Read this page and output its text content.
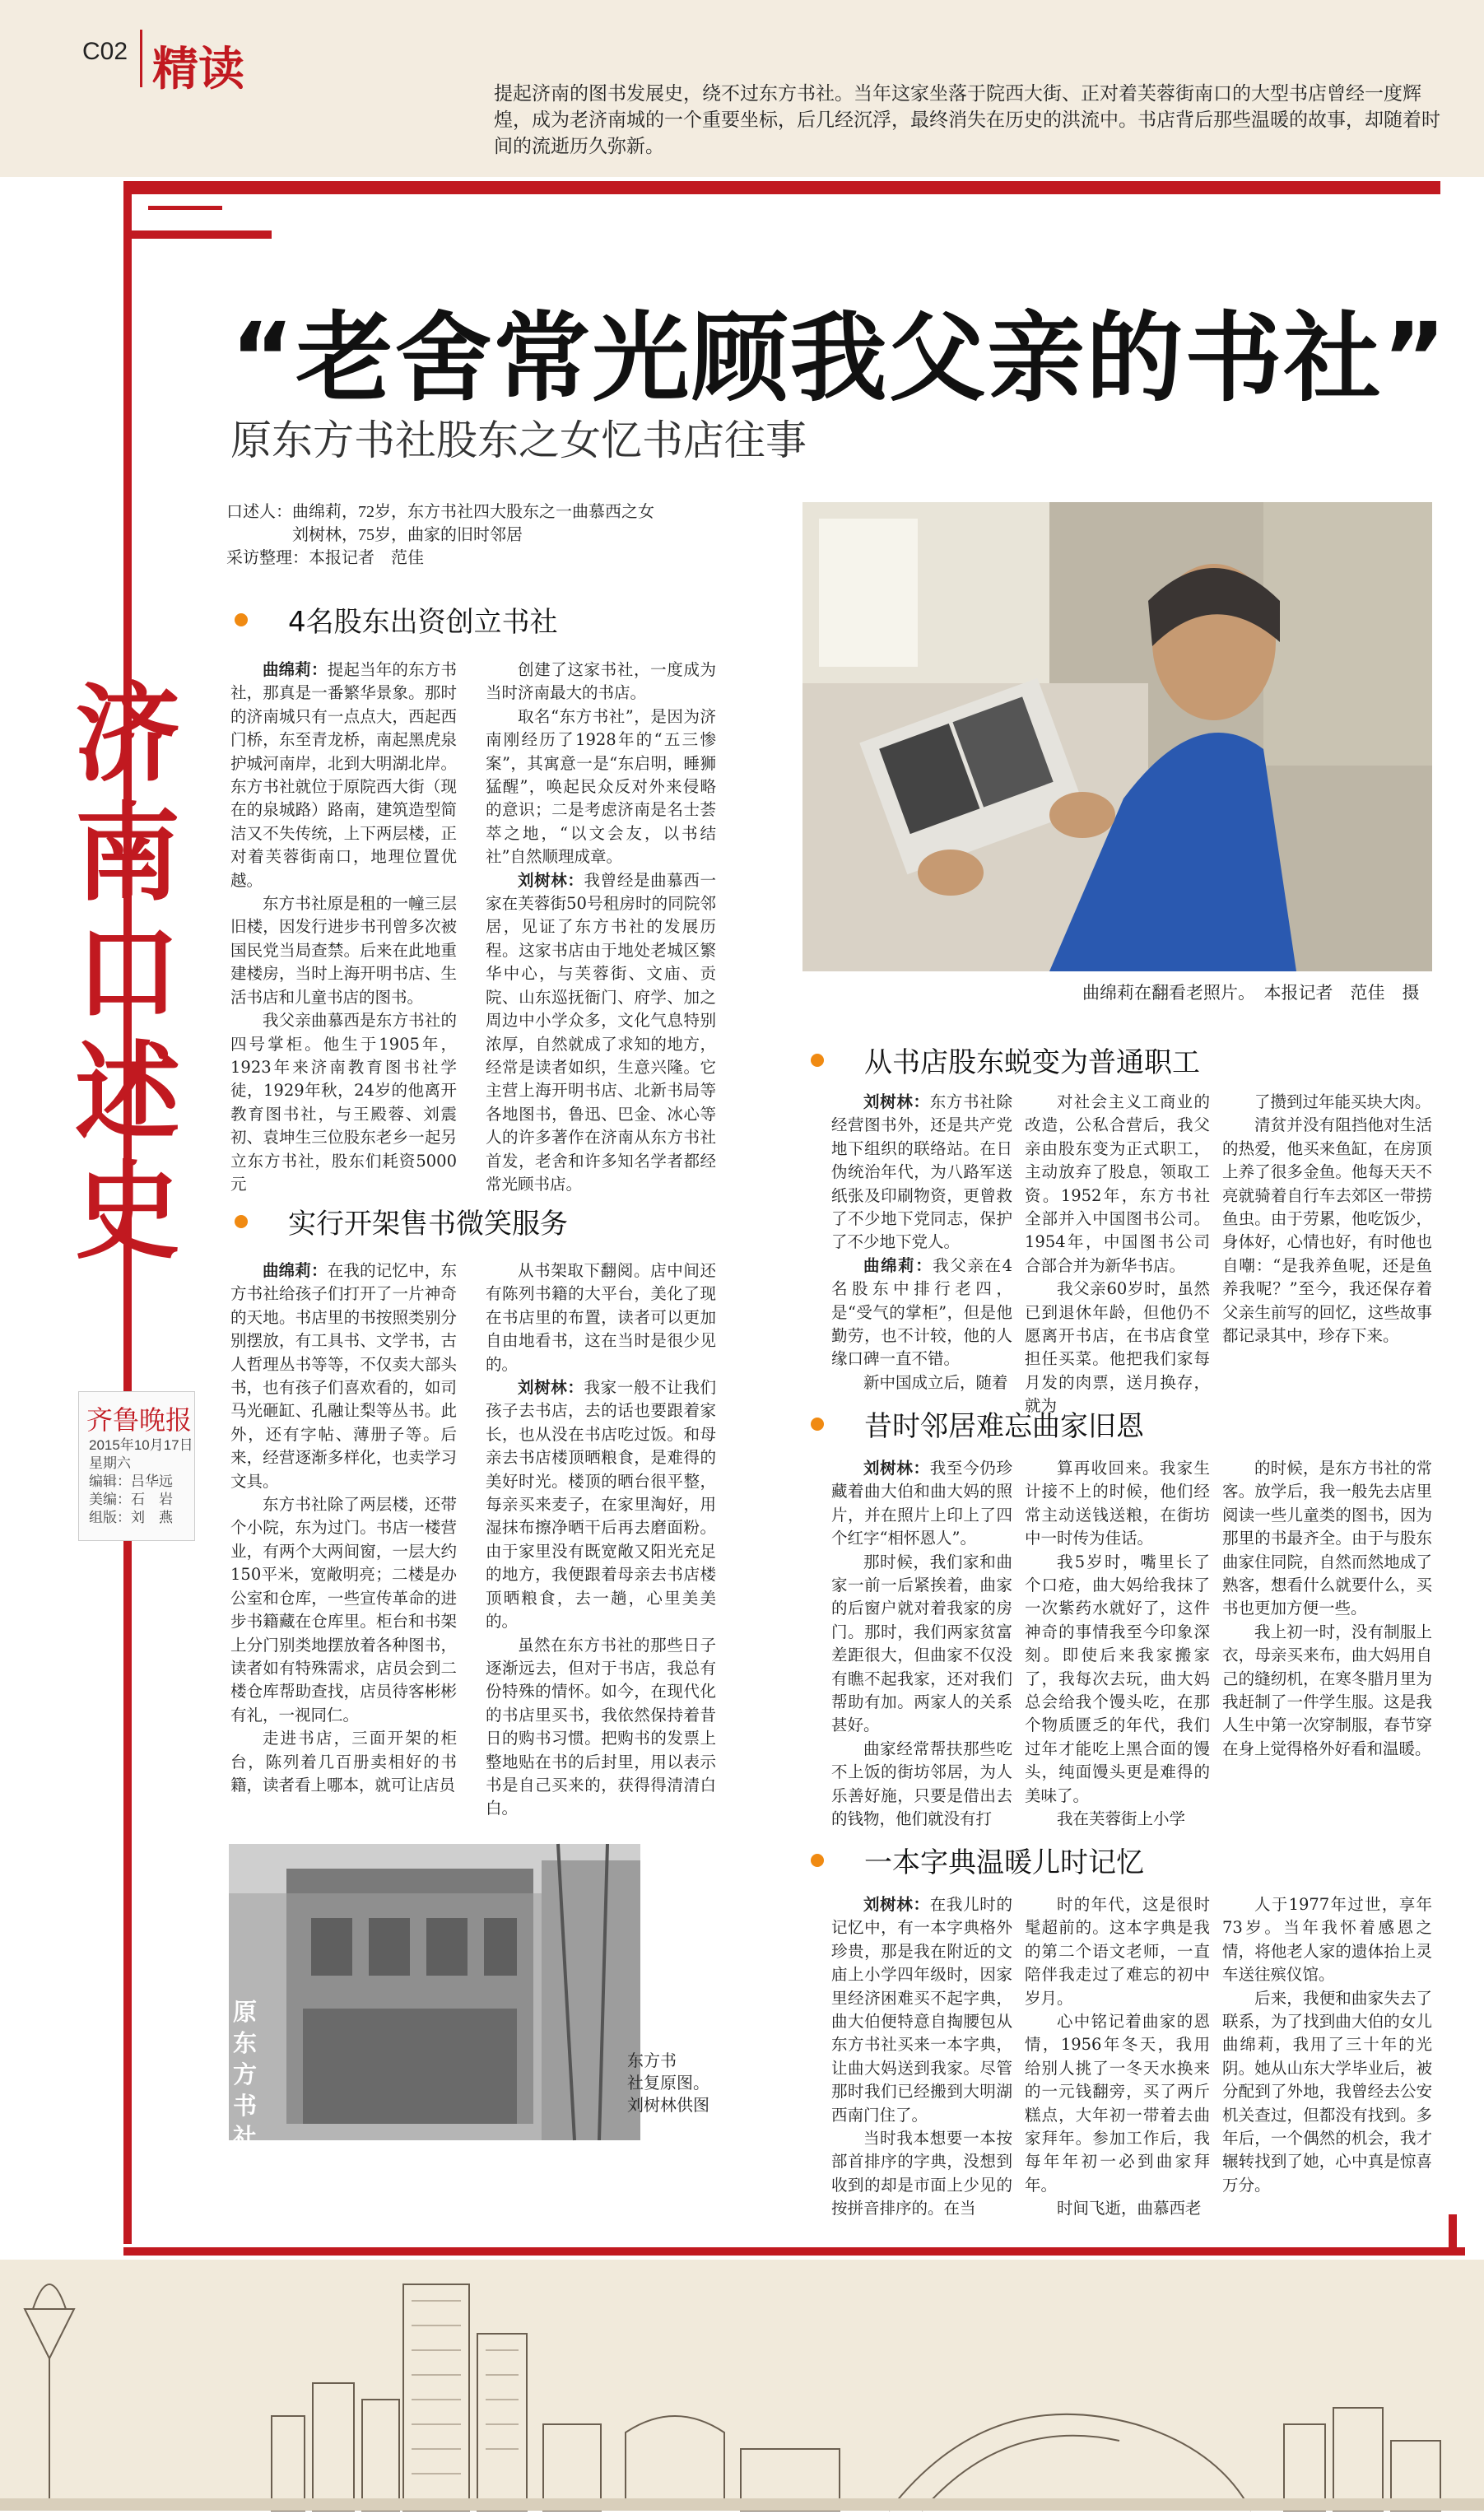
C02 精读	提起济南的图书发展史，绕不过东方书社。当年这家坐落于院西大街、正对着芙蓉街南口的大型书店曾经一度辉煌，成为老济南城的一个重要坐标，后几经沉浮，最终消失在历史的洪流中。书店背后那些温暖的故事，却随着时间的流逝历久弥新。
“老舍常光顾我父亲的书社”
原东方书社股东之女忆书店往事
口述人：曲绵莉，72岁，东方书社四大股东之一曲慕西之女
　　　　刘树林，75岁，曲家的旧时邻居
采访整理：本报记者　范佳
济南口述史
齐鲁晚报
2015年10月17日
星期六
编辑：吕华远
美编：石　岩
组版：刘　燕
曲绵莉在翻看老照片。　本报记者　范佳　摄
4名股东出资创立书社

曲绵莉：提起当年的东方书社，那真是一番繁华景象。那时的济南城只有一点点大，西起西门桥，东至青龙桥，南起黑虎泉护城河南岸，北到大明湖北岸。东方书社就位于原院西大街（现在的泉城路）路南，建筑造型简洁又不失传统，上下两层楼，正对着芙蓉街南口，地理位置优越。

东方书社原是租的一幢三层旧楼，因发行进步书刊曾多次被国民党当局查禁。后来在此地重建楼房，当时上海开明书店、生活书店和儿童书店的图书。

我父亲曲慕西是东方书社的四号掌柜。他生于1905年，1923年来济南教育图书社学徒，1929年秋，24岁的他离开教育图书社，与王殿蓉、刘震初、袁坤生三位股东老乡一起另立东方书社，股东们耗资5000元

创建了这家书社，一度成为当时济南最大的书店。

取名“东方书社”，是因为济南刚经历了1928年的“五三惨案”，其寓意一是“东启明，睡狮猛醒”，唤起民众反对外来侵略的意识；二是考虑济南是名士荟萃之地，“以文会友，以书结社”自然顺理成章。

刘树林：我曾经是曲慕西一家在芙蓉街50号租房时的同院邻居，见证了东方书社的发展历程。这家书店由于地处老城区繁华中心，与芙蓉街、文庙、贡院、山东巡抚衙门、府学、加之周边中小学众多，文化气息特别浓厚，自然就成了求知的地方，经常是读者如织，生意兴隆。它主营上海开明书店、北新书局等各地图书，鲁迅、巴金、冰心等人的许多著作在济南从东方书社首发，老舍和许多知名学者都经常光顾书店。

实行开架售书微笑服务

曲绵莉：在我的记忆中，东方书社给孩子们打开了一片神奇的天地。书店里的书按照类别分别摆放，有工具书、文学书，古人哲理丛书等等，不仅卖大部头书，也有孩子们喜欢看的，如司马光砸缸、孔融让梨等丛书。此外，还有字帖、薄册子等。后来，经营逐渐多样化，也卖学习文具。

东方书社除了两层楼，还带个小院，东为过门。书店一楼营业，有两个大两间窗，一层大约150平米，宽敞明亮；二楼是办公室和仓库，一些宣传革命的进步书籍藏在仓库里。柜台和书架上分门别类地摆放着各种图书，读者如有特殊需求，店员会到二楼仓库帮助查找，店员待客彬彬有礼，一视同仁。

走进书店，三面开架的柜台，陈列着几百册卖相好的书籍，读者看上哪本，就可让店员

从书架取下翻阅。店中间还有陈列书籍的大平台，美化了现在书店里的布置，读者可以更加自由地看书，这在当时是很少见的。

刘树林：我家一般不让我们孩子去书店，去的话也要跟着家长，也从没在书店吃过饭。和母亲去书店楼顶晒粮食，是难得的美好时光。楼顶的晒台很平整，每亲买来麦子，在家里淘好，用湿抹布擦净晒干后再去磨面粉。由于家里没有既宽敞又阳光充足的地方，我便跟着母亲去书店楼顶晒粮食，去一趟，心里美美的。

虽然在东方书社的那些日子逐渐远去，但对于书店，我总有份特殊的情怀。如今，在现代化的书店里买书，我依然保持着昔日的购书习惯。把购书的发票上整地贴在书的后封里，用以表示书是自己买来的，获得得清清白白。

原东方书社
东方书
社复原图。
刘树林供图
从书店股东蜕变为普通职工

刘树林：东方书社除经营图书外，还是共产党地下组织的联络站。在日伪统治年代，为八路军送纸张及印刷物资，更曾救了不少地下党同志，保护了不少地下党人。

曲绵莉：我父亲在4名股东中排行老四，是“受气的掌柜”，但是他勤劳，也不计较，他的人缘口碑一直不错。

新中国成立后，随着

对社会主义工商业的改造，公私合营后，我父亲由股东变为正式职工，主动放弃了股息，领取工资。1952年，东方书社全部并入中国图书公司。1954年，中国图书公司合部合并为新华书店。

我父亲60岁时，虽然已到退休年龄，但他仍不愿离开书店，在书店食堂担任买菜。他把我们家每月发的肉票，送月换存，就为

了攒到过年能买块大肉。

清贫并没有阻挡他对生活的热爱，他买来鱼缸，在房顶上养了很多金鱼。他每天天不亮就骑着自行车去郊区一带捞鱼虫。由于劳累，他吃饭少，身体好，心情也好，有时他也自嘲：“是我养鱼呢，还是鱼养我呢？”至今，我还保存着父亲生前写的回忆，这些故事都记录其中，珍存下来。

昔时邻居难忘曲家旧恩

刘树林：我至今仍珍藏着曲大伯和曲大妈的照片，并在照片上印上了四个红字“相怀恩人”。

那时候，我们家和曲家一前一后紧挨着，曲家的后窗户就对着我家的房门。那时，我们两家贫富差距很大，但曲家不仅没有瞧不起我家，还对我们帮助有加。两家人的关系甚好。

曲家经常帮扶那些吃不上饭的街坊邻居，为人乐善好施，只要是借出去的钱物，他们就没有打

算再收回来。我家生计接不上的时候，他们经常主动送钱送粮，在街坊中一时传为佳话。

我5岁时，嘴里长了个口疮，曲大妈给我抹了一次紫药水就好了，这件神奇的事情我至今印象深刻。即使后来我家搬家了，我每次去玩，曲大妈总会给我个馒头吃，在那个物质匮乏的年代，我们过年才能吃上黑合面的馒头，纯面馒头更是难得的美味了。

我在芙蓉街上小学

的时候，是东方书社的常客。放学后，我一般先去店里阅读一些儿童类的图书，因为那里的书最齐全。由于与股东曲家住同院，自然而然地成了熟客，想看什么就要什么，买书也更加方便一些。

我上初一时，没有制服上衣，母亲买来布，曲大妈用自己的缝纫机，在寒冬腊月里为我赶制了一件学生服。这是我人生中第一次穿制服，春节穿在身上觉得格外好看和温暖。

一本字典温暖儿时记忆

刘树林：在我儿时的记忆中，有一本字典格外珍贵，那是我在附近的文庙上小学四年级时，因家里经济困难买不起字典，曲大伯便特意自掏腰包从东方书社买来一本字典，让曲大妈送到我家。尽管那时我们已经搬到大明湖西南门住了。

当时我本想要一本按部首排序的字典，没想到收到的却是市面上少见的按拼音排序的。在当

时的年代，这是很时髦超前的。这本字典是我的第二个语文老师，一直陪伴我走过了难忘的初中岁月。

心中铭记着曲家的恩情，1956年冬天，我用给别人挑了一冬天水换来的一元钱翻旁，买了两斤糕点，大年初一带着去曲家拜年。参加工作后，我每年年初一必到曲家拜年。

时间飞逝，曲慕西老

人于1977年过世，享年73岁。当年我怀着感恩之情，将他老人家的遗体抬上灵车送往殡仪馆。

后来，我便和曲家失去了联系，为了找到曲大伯的女儿曲绵莉，我用了三十年的光阴。她从山东大学毕业后，被分配到了外地，我曾经去公安机关查过，但都没有找到。多年后，一个偶然的机会，我才辗转找到了她，心中真是惊喜万分。
